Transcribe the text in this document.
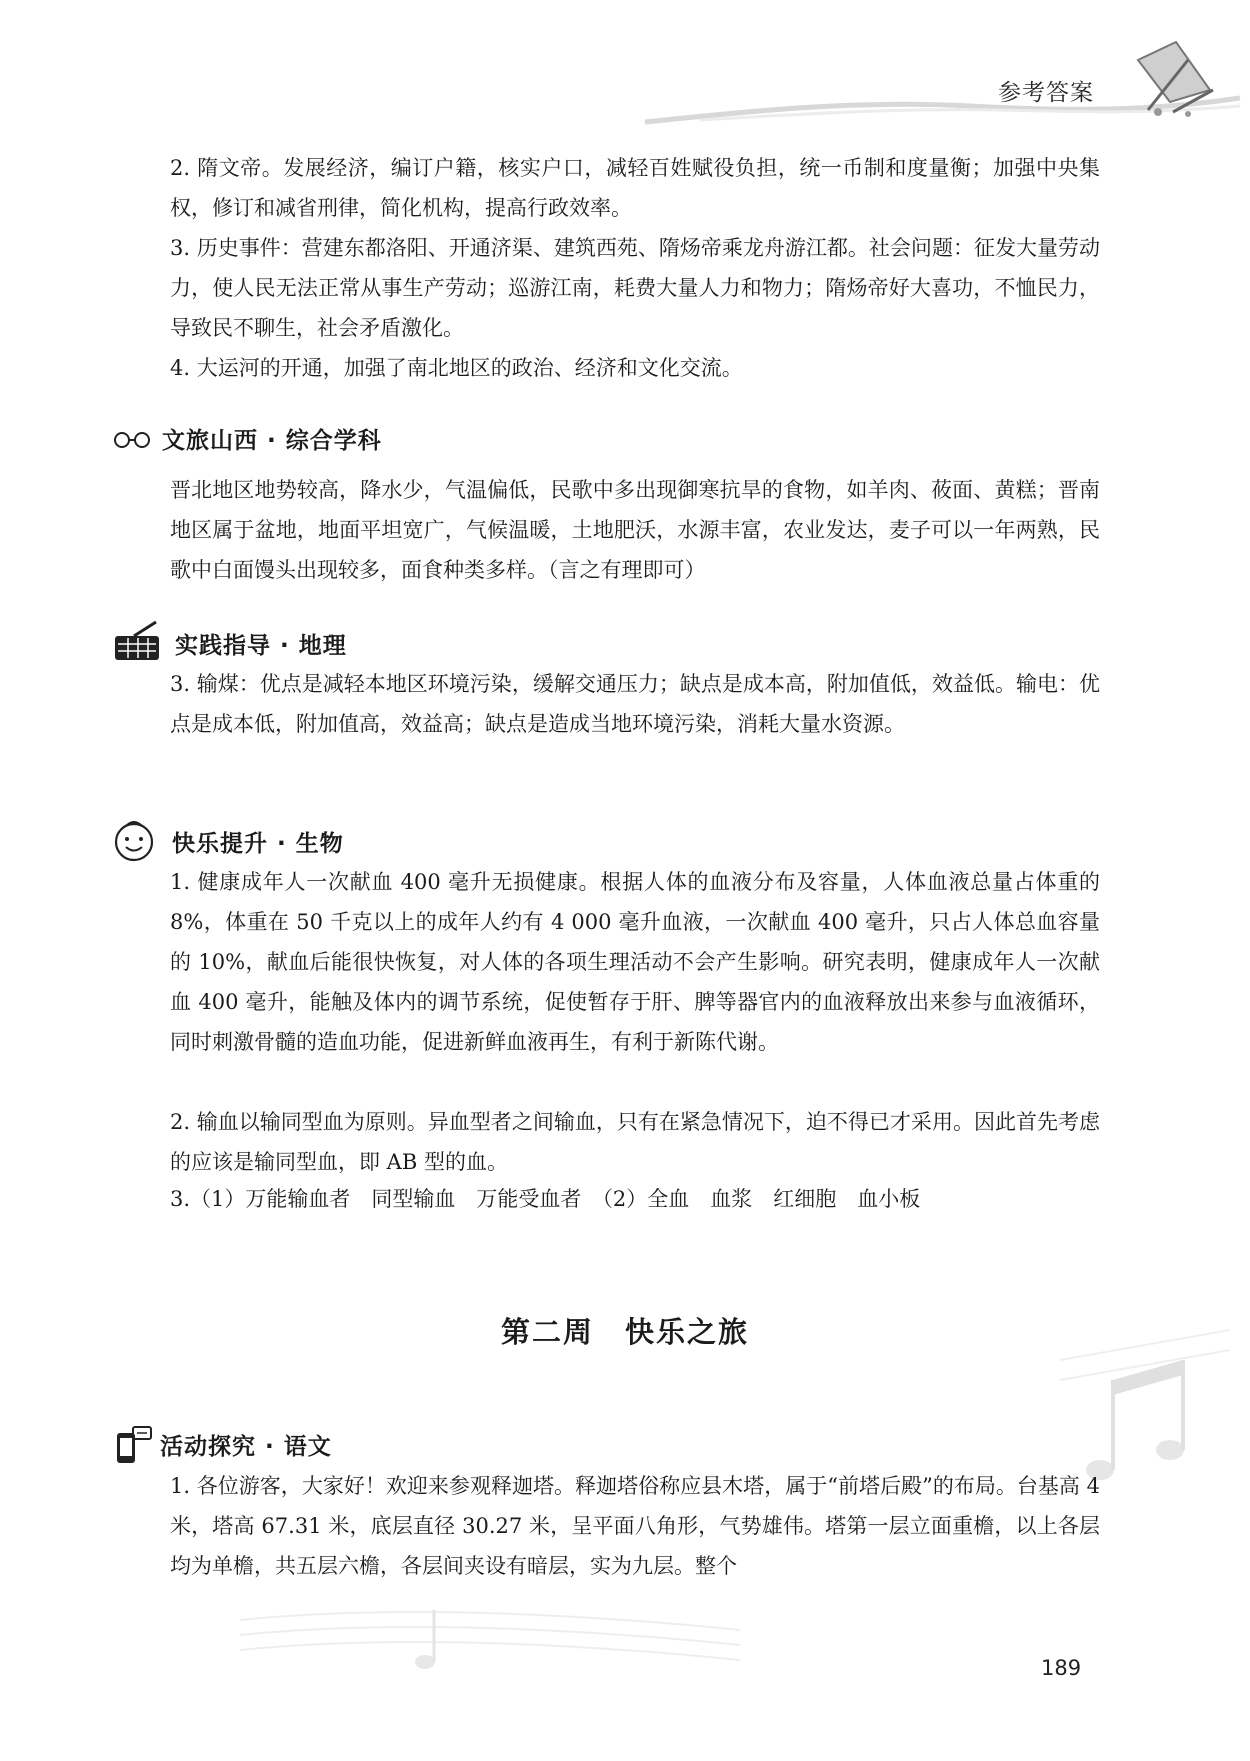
参考答案

2. 隋文帝。发展经济，编订户籍，核实户口，减轻百姓赋役负担，统一币制和度量衡；加强中央集权，修订和减省刑律，简化机构，提高行政效率。

3. 历史事件：营建东都洛阳、开通济渠、建筑西苑、隋炀帝乘龙舟游江都。社会问题：征发大量劳动力，使人民无法正常从事生产劳动；巡游江南，耗费大量人力和物力；隋炀帝好大喜功，不恤民力，导致民不聊生，社会矛盾激化。

4. 大运河的开通，加强了南北地区的政治、经济和文化交流。

文旅山西 · 综合学科

晋北地区地势较高，降水少，气温偏低，民歌中多出现御寒抗旱的食物，如羊肉、莜面、黄糕；晋南地区属于盆地，地面平坦宽广，气候温暖，土地肥沃，水源丰富，农业发达，麦子可以一年两熟，民歌中白面馒头出现较多，面食种类多样。（言之有理即可）

实践指导 · 地理

3. 输煤：优点是减轻本地区环境污染，缓解交通压力；缺点是成本高，附加值低，效益低。输电：优点是成本低，附加值高，效益高；缺点是造成当地环境污染，消耗大量水资源。

快乐提升 · 生物

1. 健康成年人一次献血 400 毫升无损健康。根据人体的血液分布及容量，人体血液总量占体重的 8%，体重在 50 千克以上的成年人约有 4 000 毫升血液，一次献血 400 毫升，只占人体总血容量的 10%，献血后能很快恢复，对人体的各项生理活动不会产生影响。研究表明，健康成年人一次献血 400 毫升，能触及体内的调节系统，促使暂存于肝、脾等器官内的血液释放出来参与血液循环，同时刺激骨髓的造血功能，促进新鲜血液再生，有利于新陈代谢。

2. 输血以输同型血为原则。异血型者之间输血，只有在紧急情况下，迫不得已才采用。因此首先考虑的应该是输同型血，即 AB 型的血。

3.（1）万能输血者　同型输血　万能受血者　（2）全血　血浆　红细胞　血小板
第二周　快乐之旅
活动探究 · 语文

1. 各位游客，大家好！欢迎来参观释迦塔。释迦塔俗称应县木塔，属于“前塔后殿”的布局。台基高 4 米，塔高 67.31 米，底层直径 30.27 米，呈平面八角形，气势雄伟。塔第一层立面重檐，以上各层均为单檐，共五层六檐，各层间夹设有暗层，实为九层。整个

189
